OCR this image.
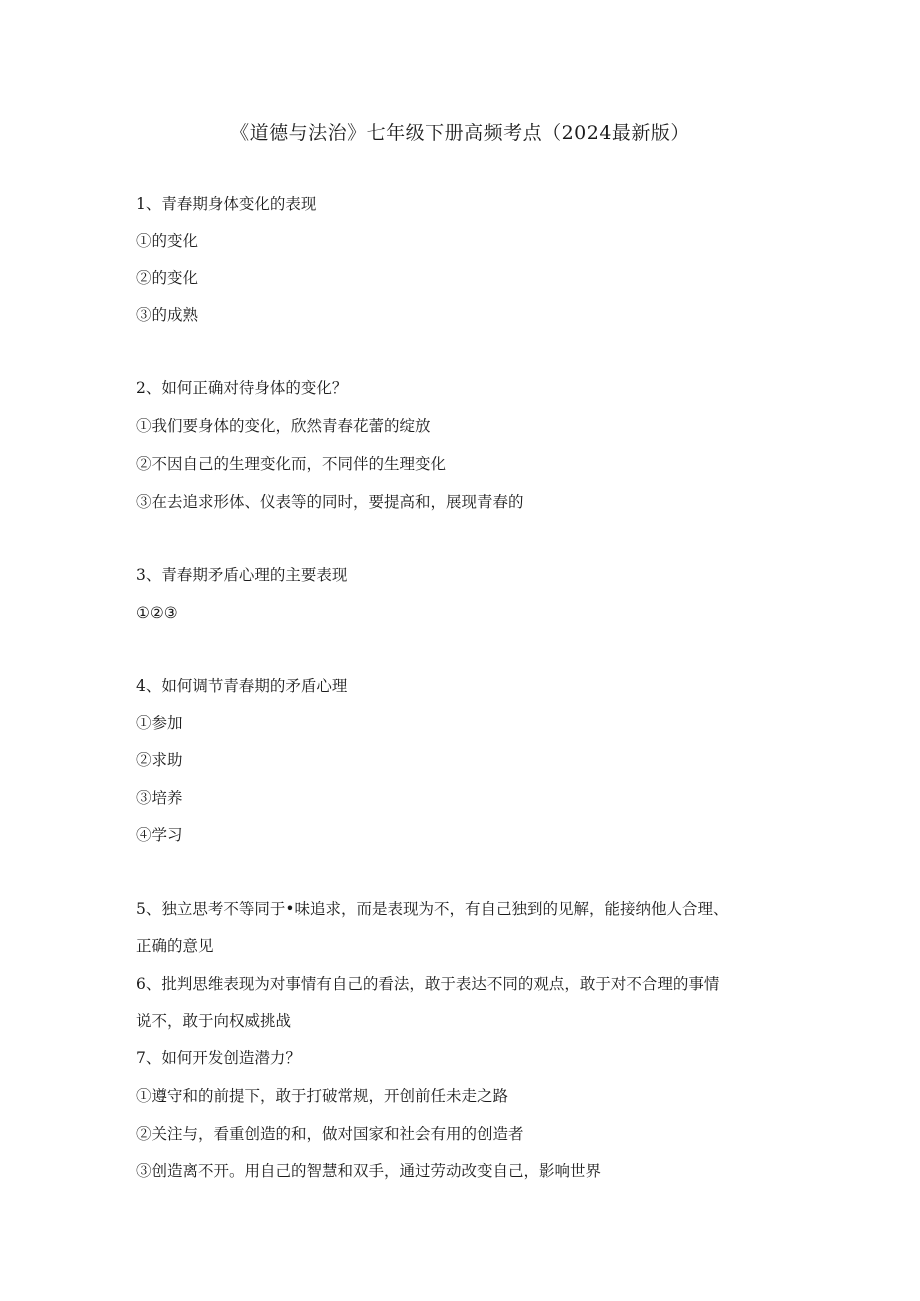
《道德与法治》七年级下册高频考点（2024最新版）
1、青春期身体变化的表现
①的变化
②的变化
③的成熟
2、如何正确对待身体的变化？
①我们要身体的变化，欣然青春花蕾的绽放
②不因自己的生理变化而，不同伴的生理变化
③在去追求形体、仪表等的同时，要提高和，展现青春的
3、青春期矛盾心理的主要表现
①②③
4、如何调节青春期的矛盾心理
①参加
②求助
③培养
④学习
5、独立思考不等同于•味追求，而是表现为不，有自己独到的见解，能接纳他人合理、
正确的意见
6、批判思维表现为对事情有自己的看法，敢于表达不同的观点，敢于对不合理的事情
说不，敢于向权威挑战
7、如何开发创造潜力？
①遵守和的前提下，敢于打破常规，开创前任未走之路
②关注与，看重创造的和，做对国家和社会有用的创造者
③创造离不开。用自己的智慧和双手，通过劳动改变自己，影响世界
